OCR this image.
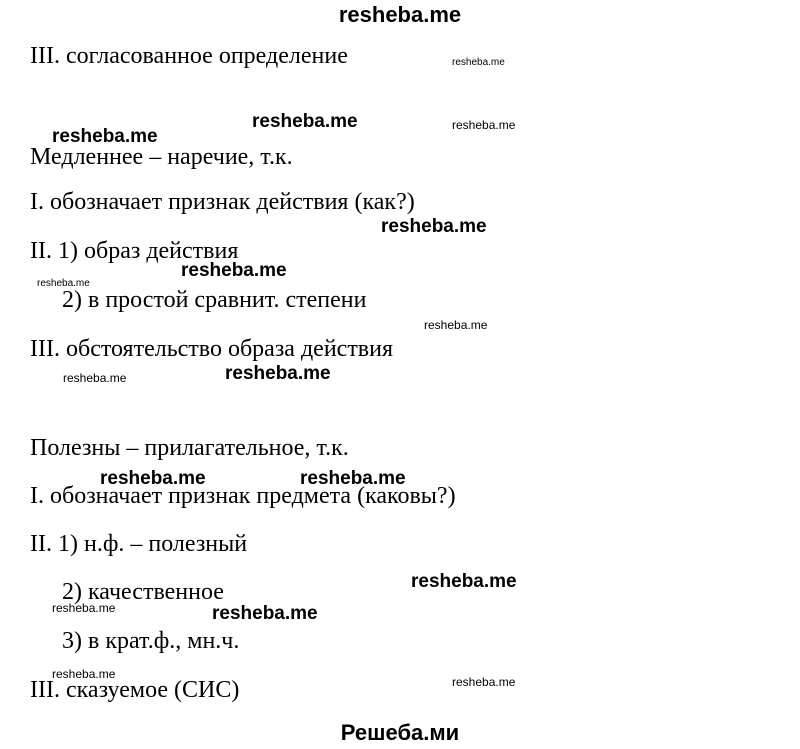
resheba.me
III. согласованное определение
Медленнее – наречие, т.к.
I. обозначает признак действия (как?)
II. 1) образ действия
2) в простой сравнит. степени
III. обстоятельство образа действия
Полезны – прилагательное, т.к.
I. обозначает признак предмета (каковы?)
II. 1) н.ф. – полезный
2) качественное
3) в крат.ф., мн.ч.
III. сказуемое (СИС)
resheba.me
resheba.me
resheba.me	resheba.me
resheba.me
resheba.me
resheba.me
resheba.me
resheba.me	resheba.me
resheba.me	resheba.me
resheba.me
resheba.me	resheba.me
resheba.me
resheba.me
Решеба.ми
